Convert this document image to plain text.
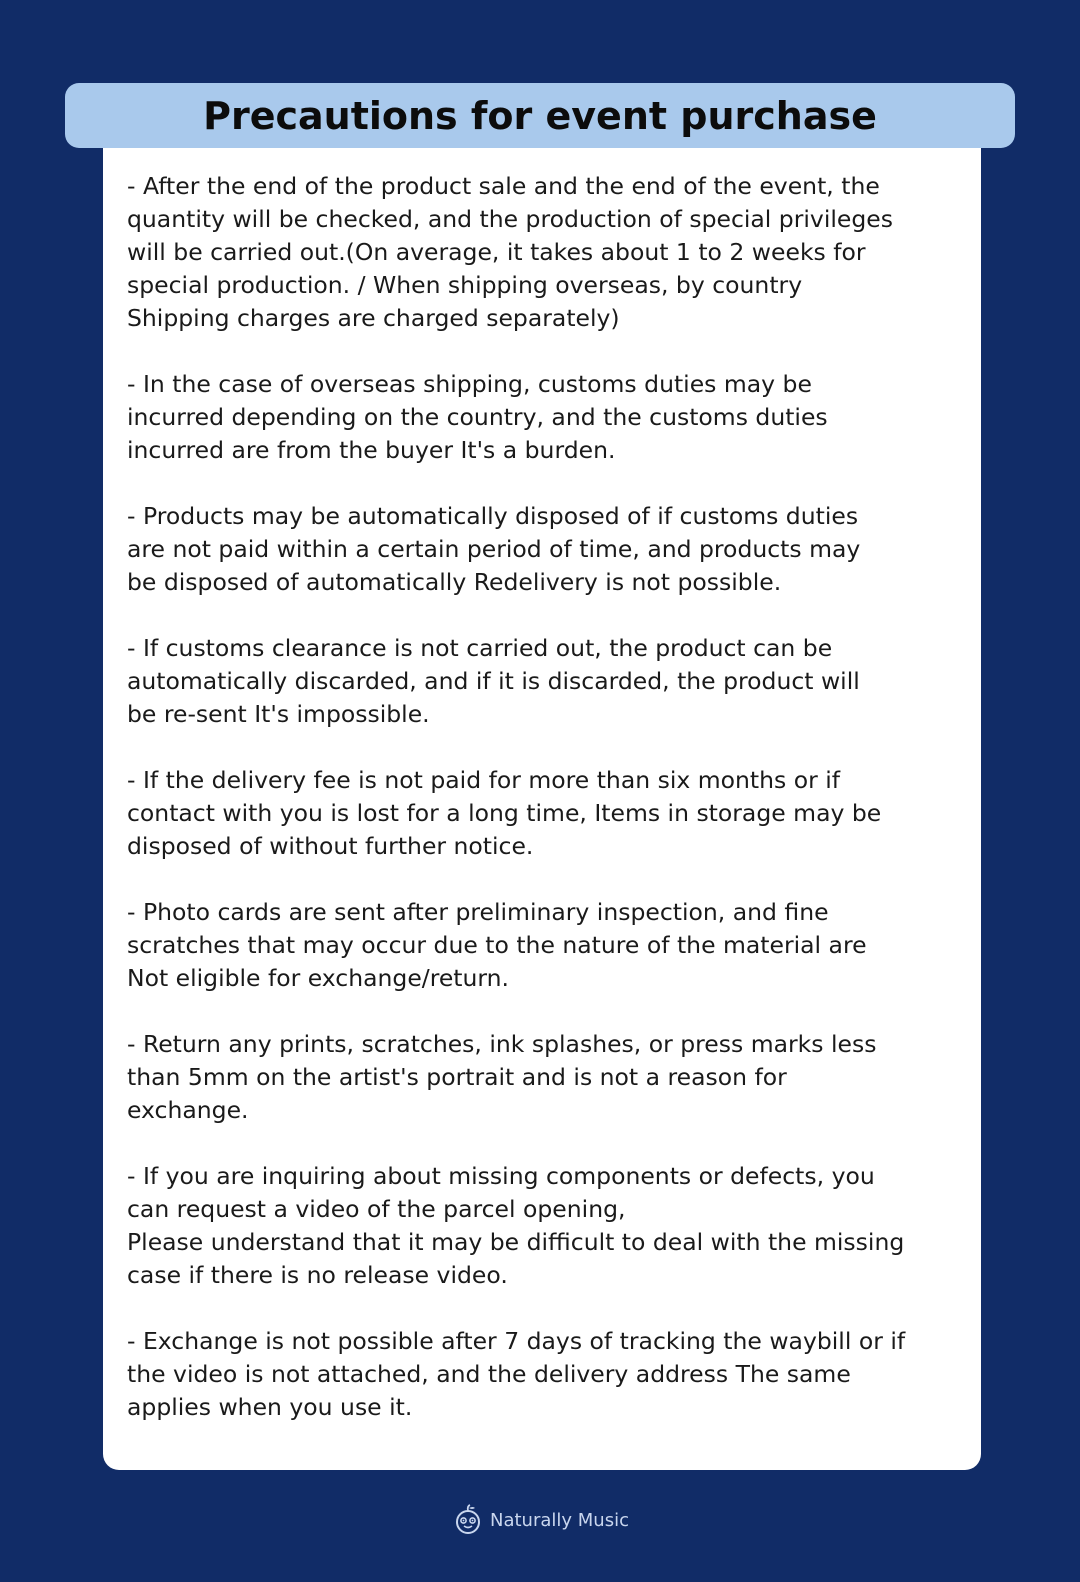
Precautions for event purchase

- After the end of the product sale and the end of the event, the
quantity will be checked, and the production of special privileges
will be carried out.(On average, it takes about 1 to 2 weeks for
special production. / When shipping overseas, by country
Shipping charges are charged separately)

- In the case of overseas shipping, customs duties may be
incurred depending on the country, and the customs duties
incurred are from the buyer It's a burden.

- Products may be automatically disposed of if customs duties
are not paid within a certain period of time, and products may
be disposed of automatically Redelivery is not possible.

- If customs clearance is not carried out, the product can be
automatically discarded, and if it is discarded, the product will
be re-sent It's impossible.

- If the delivery fee is not paid for more than six months or if
contact with you is lost for a long time, Items in storage may be
disposed of without further notice.

- Photo cards are sent after preliminary inspection, and fine
scratches that may occur due to the nature of the material are
Not eligible for exchange/return.

- Return any prints, scratches, ink splashes, or press marks less
than 5mm on the artist's portrait and is not a reason for
exchange.

- If you are inquiring about missing components or defects, you
can request a video of the parcel opening,
Please understand that it may be difficult to deal with the missing
case if there is no release video.

- Exchange is not possible after 7 days of tracking the waybill or if
the video is not attached, and the delivery address The same
applies when you use it.

Naturally Music
